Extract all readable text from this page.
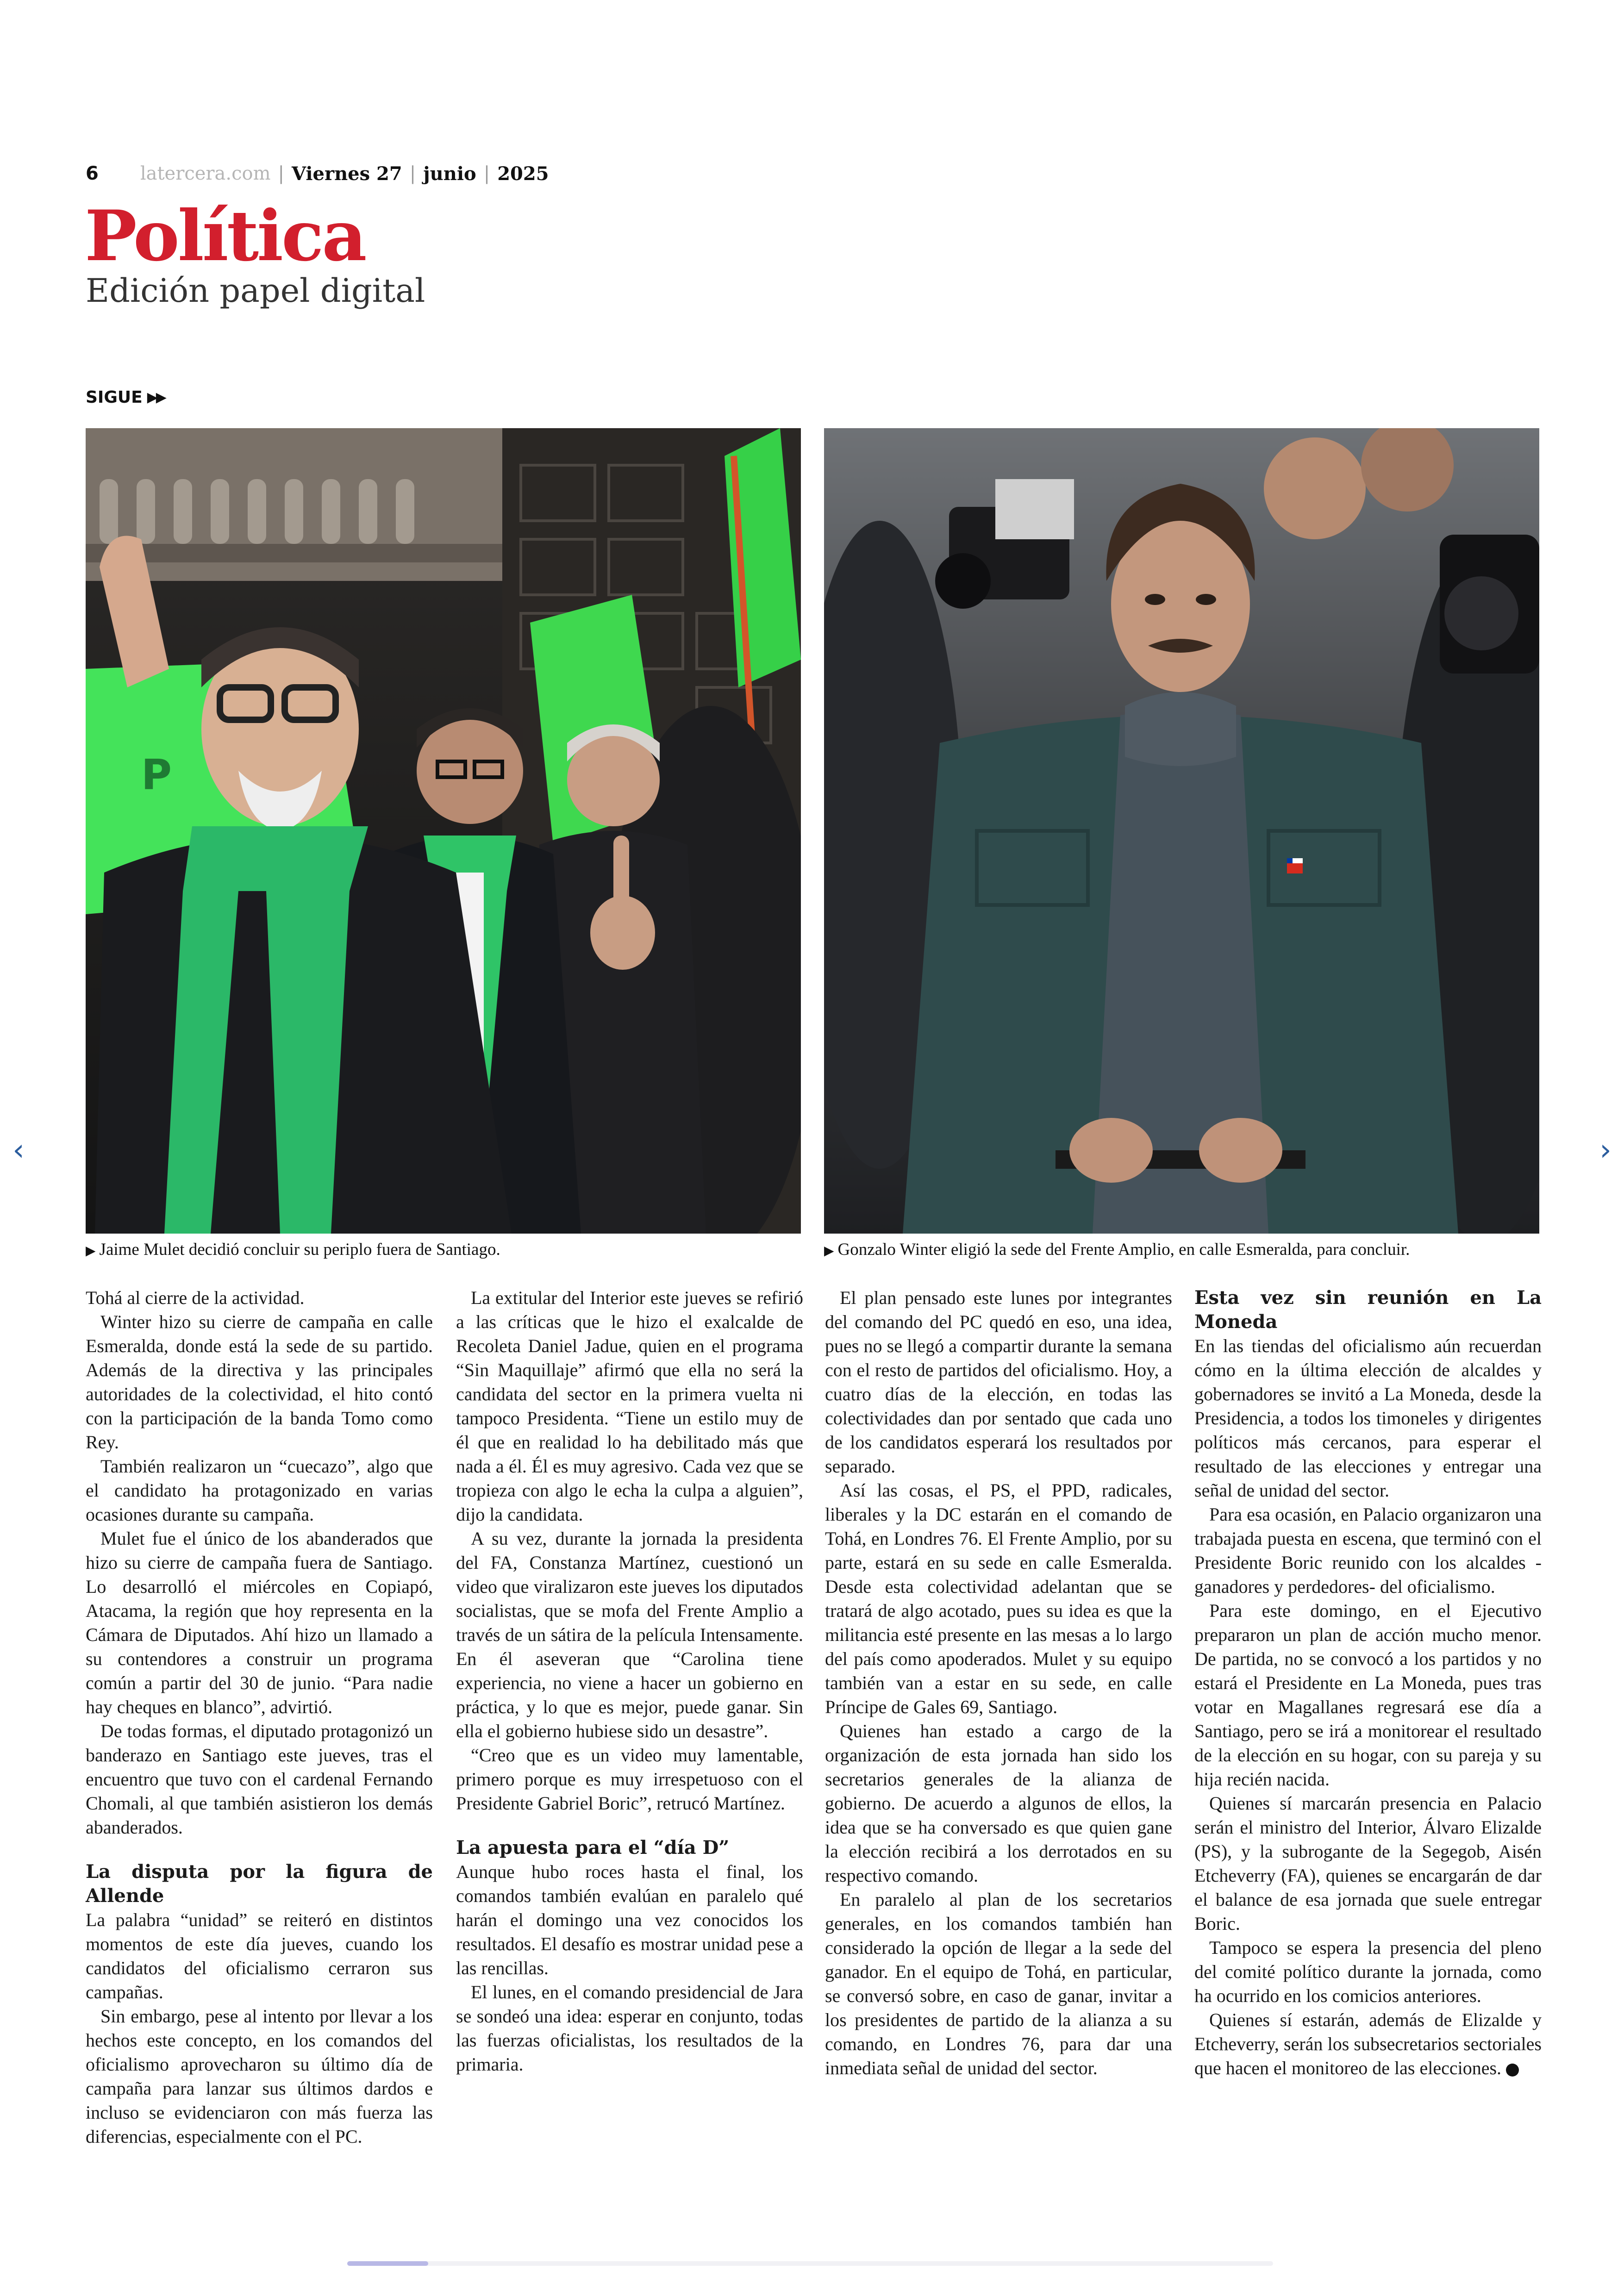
6 latercera.com | Viernes 27 | junio | 2025
Política
Edición papel digital
SIGUE ▶▶
P
▶ Jaime Mulet decidió concluir su periplo fuera de Santiago.	▶ Gonzalo Winter eligió la sede del Frente Amplio, en calle Esmeralda, para concluir.

Tohá al cierre de la actividad.

Winter hizo su cierre de campaña en calle Esmeralda, donde está la sede de su partido. Además de la directiva y las principales autoridades de la colectividad, el hito contó con la participación de la banda Tomo como Rey.

También realizaron un “cuecazo”, algo que el candidato ha protagonizado en varias ocasiones durante su campaña.

Mulet fue el único de los abanderados que hizo su cierre de campaña fuera de Santiago. Lo desarrolló el miércoles en Copiapó, Atacama, la región que hoy representa en la Cámara de Diputados. Ahí hizo un llamado a su contendores a construir un programa común a partir del 30 de junio. “Para nadie hay cheques en blanco”, advirtió.

De todas formas, el diputado protagonizó un banderazo en Santiago este jueves, tras el encuentro que tuvo con el cardenal Fernando Chomali, al que también asistieron los demás abanderados.

La disputa por la figura de Allende

La palabra “unidad” se reiteró en distintos momentos de este día jueves, cuando los candidatos del oficialismo cerraron sus campañas.

Sin embargo, pese al intento por llevar a los hechos este concepto, en los comandos del oficialismo aprovecharon su último día de campaña para lanzar sus últimos dardos e incluso se evidenciaron con más fuerza las diferencias, especialmente con el PC.

La extitular del Interior este jueves se refirió a las críticas que le hizo el exalcalde de Recoleta Daniel Jadue, quien en el programa “Sin Maquillaje” afirmó que ella no será la candidata del sector en la primera vuelta ni tampoco Presidenta. “Tiene un estilo muy de él que en realidad lo ha debilitado más que nada a él. Él es muy agresivo. Cada vez que se tropieza con algo le echa la culpa a alguien”, dijo la candidata.

A su vez, durante la jornada la presidenta del FA, Constanza Martínez, cuestionó un video que viralizaron este jueves los diputados socialistas, que se mofa del Frente Amplio a través de un sátira de la película Intensamente. En él aseveran que “Carolina tiene experiencia, no viene a hacer un gobierno en práctica, y lo que es mejor, puede ganar. Sin ella el gobierno hubiese sido un desastre”.

“Creo que es un video muy lamentable, primero porque es muy irrespetuoso con el Presidente Gabriel Boric”, retrucó Martínez.

La apuesta para el “día D”

Aunque hubo roces hasta el final, los comandos también evalúan en paralelo qué harán el domingo una vez conocidos los resultados. El desafío es mostrar unidad pese a las rencillas.

El lunes, en el comando presidencial de Jara se sondeó una idea: esperar en conjunto, todas las fuerzas oficialistas, los resultados de la primaria.

El plan pensado este lunes por integrantes del comando del PC quedó en eso, una idea, pues no se llegó a compartir durante la semana con el resto de partidos del oficialismo. Hoy, a cuatro días de la elección, en todas las colectividades dan por sentado que cada uno de los candidatos esperará los resultados por separado.

Así las cosas, el PS, el PPD, radicales, liberales y la DC estarán en el comando de Tohá, en Londres 76. El Frente Amplio, por su parte, estará en su sede en calle Esmeralda. Desde esta colectividad adelantan que se tratará de algo acotado, pues su idea es que la militancia esté presente en las mesas a lo largo del país como apoderados. Mulet y su equipo también van a estar en su sede, en calle Príncipe de Gales 69, Santiago.

Quienes han estado a cargo de la organización de esta jornada han sido los secretarios generales de la alianza de gobierno. De acuerdo a algunos de ellos, la idea que se ha conversado es que quien gane la elección recibirá a los derrotados en su respectivo comando.

En paralelo al plan de los secretarios generales, en los comandos también han considerado la opción de llegar a la sede del ganador. En el equipo de Tohá, en particular, se conversó sobre, en caso de ganar, invitar a los presidentes de partido de la alianza a su comando, en Londres 76, para dar una inmediata señal de unidad del sector.

Esta vez sin reunión en La Moneda

En las tiendas del oficialismo aún recuerdan cómo en la última elección de alcaldes y gobernadores se invitó a La Moneda, desde la Presidencia, a todos los timoneles y dirigentes políticos más cercanos, para esperar el resultado de las elecciones y entregar una señal de unidad del sector.

Para esa ocasión, en Palacio organizaron una trabajada puesta en escena, que terminó con el Presidente Boric reunido con los alcaldes -ganadores y perdedores- del oficialismo.

Para este domingo, en el Ejecutivo prepararon un plan de acción mucho menor. De partida, no se convocó a los partidos y no estará el Presidente en La Moneda, pues tras votar en Magallanes regresará ese día a Santiago, pero se irá a monitorear el resultado de la elección en su hogar, con su pareja y su hija recién nacida.

Quienes sí marcarán presencia en Palacio serán el ministro del Interior, Álvaro Elizalde (PS), y la subrogante de la Segegob, Aisén Etcheverry (FA), quienes se encargarán de dar el balance de esa jornada que suele entregar Boric.

Tampoco se espera la presencia del pleno del comité político durante la jornada, como ha ocurrido en los comicios anteriores.

Quienes sí estarán, además de Elizalde y Etcheverry, serán los subsecretarios sectoriales que hacen el monitoreo de las elecciones.

‹	›
